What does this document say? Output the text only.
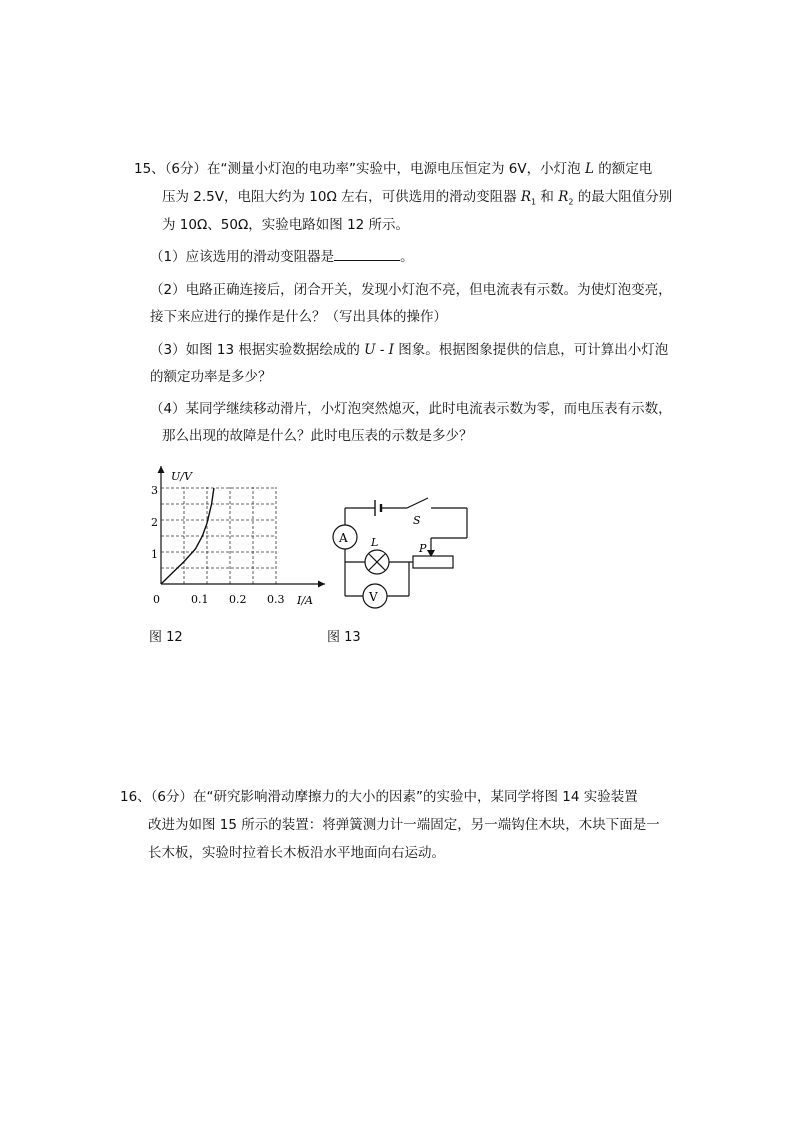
15、（6分）在“测量小灯泡的电功率”实验中，电源电压恒定为 6V，小灯泡 L 的额定电
压为 2.5V，电阻大约为 10Ω 左右，可供选用的滑动变阻器 $R_1$ 和 $R_2$ 的最大阻值分别
为 10Ω、50Ω，实验电路如图 12 所示。
（1）应该选用的滑动变阻器是	。
（2）电路正确连接后，闭合开关，发现小灯泡不亮，但电流表有示数。为使灯泡变亮，
接下来应进行的操作是什么？（写出具体的操作）
（3）如图 13 根据实验数据绘成的 U - I 图象。根据图象提供的信息，可计算出小灯泡
的额定功率是多少？
（4）某同学继续移动滑片，小灯泡突然熄灭，此时电流表示数为零，而电压表有示数，
那么出现的故障是什么？此时电压表的示数是多少？
U/V
I/A
0
1
2
3
0.1 0.2 0.3
S
A
P
L
V
图 12	图 13
16、（6分）在“研究影响滑动摩擦力的大小的因素”的实验中，某同学将图 14 实验装置
改进为如图 15 所示的装置：将弹簧测力计一端固定，另一端钩住木块，木块下面是一
长木板，实验时拉着长木板沿水平地面向右运动。
